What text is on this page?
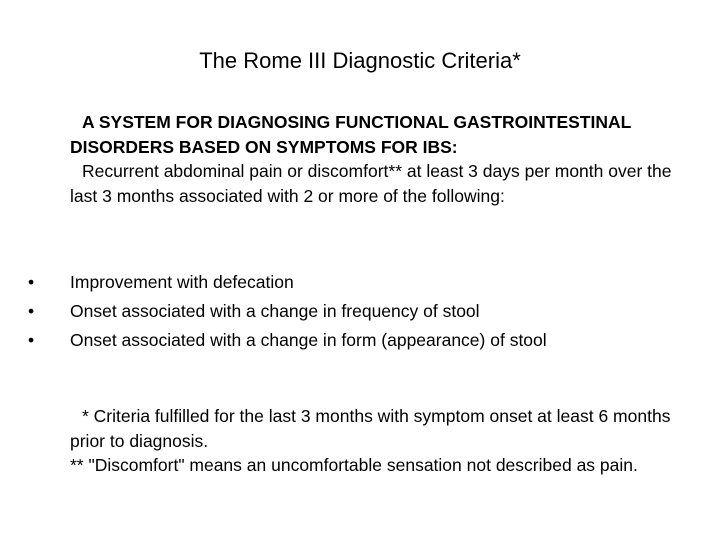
The Rome III Diagnostic Criteria*

A SYSTEM FOR DIAGNOSING FUNCTIONAL GASTROINTESTINAL DISORDERS BASED ON SYMPTOMS FOR IBS:

Recurrent abdominal pain or discomfort** at least 3 days per month over the last 3 months associated with 2 or more of the following:

• Improvement with defecation
• Onset associated with a change in frequency of stool
• Onset associated with a change in form (appearance) of stool

* Criteria fulfilled for the last 3 months with symptom onset at least 6 months prior to diagnosis.

** "Discomfort" means an uncomfortable sensation not described as pain.
